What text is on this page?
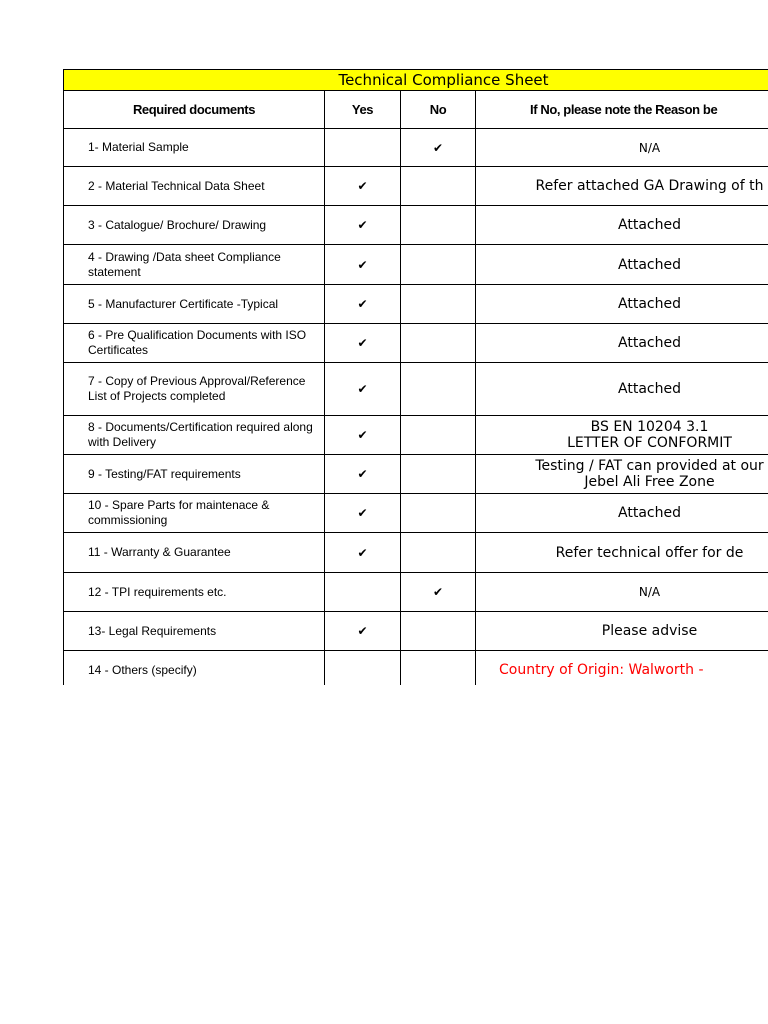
Technical Compliance Sheet			
Required documents	Yes	No	If No, please note the Reason be
1- Material Sample		✔	N/A

2 - Material Technical Data Sheet	✔		Refer attached GA Drawing of th

3 - Catalogue/ Brochure/ Drawing	✔		Attached

4 - Drawing /Data sheet Compliance statement	✔		Attached

5 - Manufacturer Certificate -Typical	✔		Attached

6 - Pre Qualification Documents with ISO Certificates	✔		Attached

7 - Copy of Previous Approval/Reference List of Projects completed	✔		Attached

8 - Documents/Certification required along with Delivery	✔		BS EN 10204 3.1
LETTER OF CONFORMIT

9 - Testing/FAT requirements	✔		Testing / FAT can provided at our
Jebel Ali Free Zone

10 - Spare Parts for maintenace & commissioning	✔		Attached

11 - Warranty & Guarantee	✔		Refer technical offer for de

12 - TPI requirements etc.		✔	N/A

13- Legal Requirements	✔		Please advise

14 - Others (specify)			Country of Origin: Walworth -
